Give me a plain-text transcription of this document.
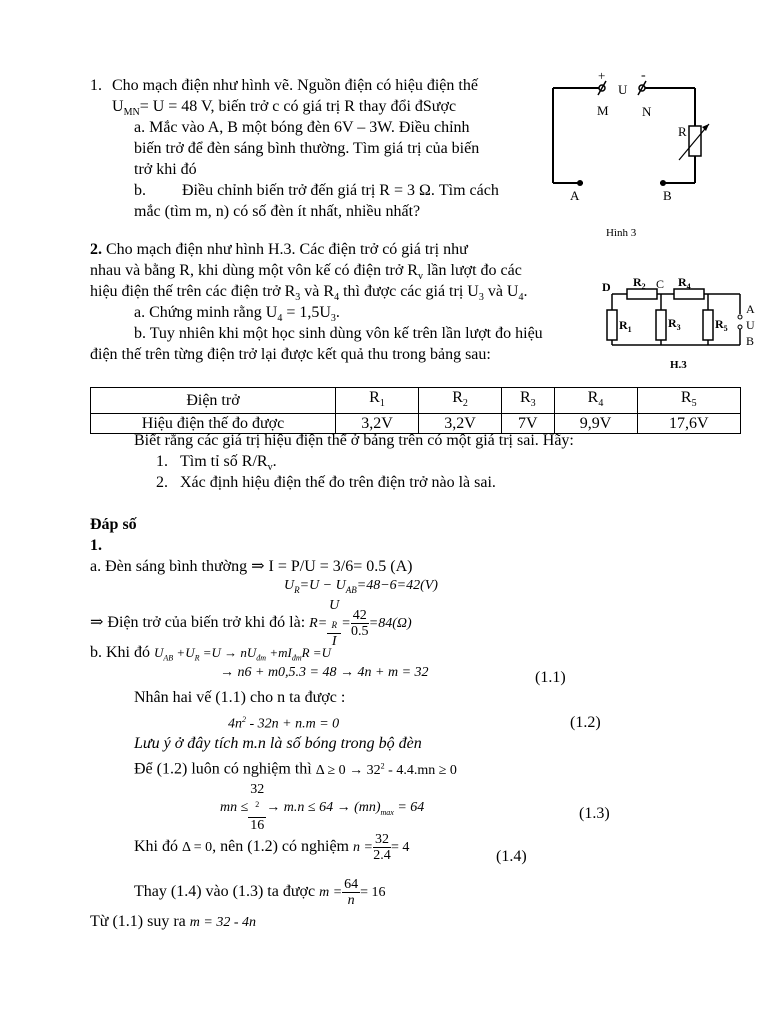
1. Cho mạch điện như hình vẽ. Nguồn điện có hiệu điện thế
$U_{MN}= U = 48$ V, biến trở c có giá trị R thay đổi đSược
a. Mắc vào A, B một bóng đèn 6V – 3W. Điều chỉnh
biến trở để đèn sáng bình thường. Tìm giá trị của biến
trở khi đó
b. Điều chỉnh biến trở đến giá trị R = 3 Ω. Tìm cách
mắc (tìm m, n) có số đèn ít nhất, nhiều nhất?
+	-
U
M	N
R
A	B
Hình 3
2. Cho mạch điện như hình H.3. Các điện trở có giá trị như
nhau và bằng R, khi dùng một vôn kế có điện trở $R_v$ lần lượt đo các
hiệu điện thế trên các điện trở $R_3$ và $R_4$ thì được các giá trị $U_3$ và $U_4$.
a. Chứng minh rằng $U_4 = 1,5U_3$.
b. Tuy nhiên khi một học sinh dùng vôn kế trên lần lượt đo hiệu
điện thế trên từng điện trở lại được kết quả thu trong bảng sau:
D	C
A
U
B
$R_2$	$R_4$
$R_1$	$R_3$	$R_5$
H.3
Điện trở	$R_1$	$R_2$	$R_3$	$R_4$	$R_5$
Hiệu điện thế đo được	3,2V	3,2V	7V	9,9V	17,6V
Biết rằng các giá trị hiệu điện thế ở bảng trên có một giá trị sai. Hãy:
1. Tìm tỉ số $R/R_v$.
2. Xác định hiệu điện thế đo trên điện trở nào là sai.
Đáp số
1.
a. Đèn sáng bình thường ⇒ I = P/U = 3/6= 0.5 (A)
$U_R=U - U_{AB}=48-6=42(V)$
⇒ Điện trở của biến trở khi đó là: R= U
$_R$
$I = \frac{42}{0.5} =84(\Omega)$
b. Khi đó $U_{AB} +U_R =U \to nU_{đm} +mI_{đm}R =U$
→ n6 + m0,5.3 = 48 → 4n + m = 32	(1.1)
Nhân hai vế (1.1) cho n ta được :
$4n^2 - 32n + n.m = 0$	(1.2)
Lưu ý ở đây tích m.n là số bóng trong bộ đèn
Để (1.2) luôn có nghiệm thì $\Delta \ge 0 \to 32^2 - 4.4.mn \ge 0$
mn ≤ 32
$^2$
$16 \to m.n \le 64 \to (mn)_{max} = 64$	(1.3)
Khi đó Δ = 0, nên (1.2) có nghiệm $n = \frac{32}{2.4} = 4$
(1.4)
Thay (1.4) vào (1.3) ta được $m = \frac{64}{n} = 16$
Từ (1.1) suy ra m = 32 - 4n
